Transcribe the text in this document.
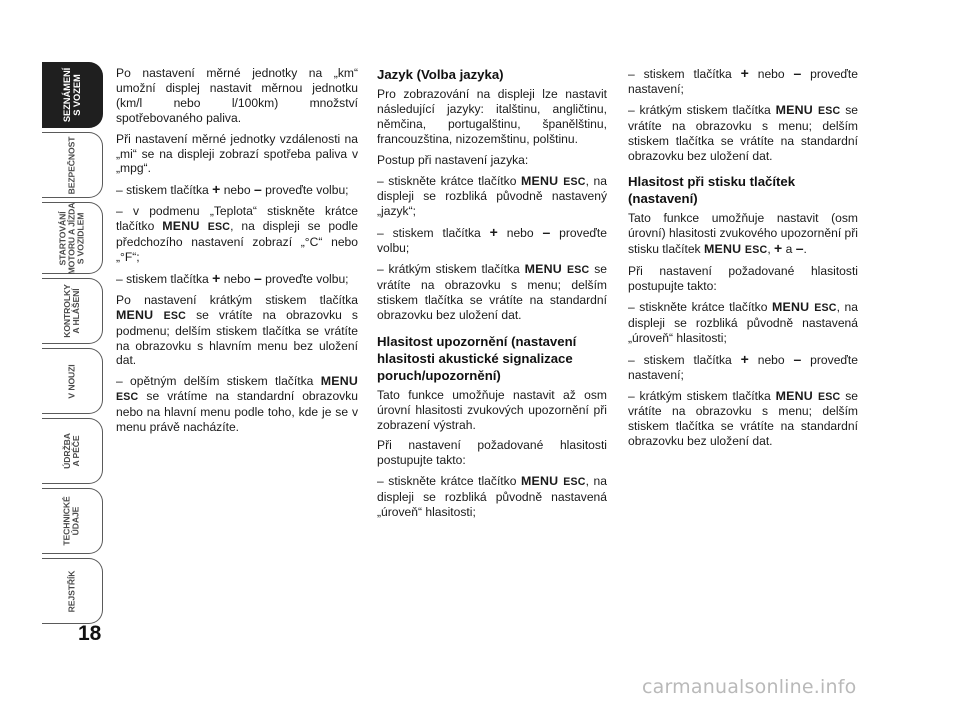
SEZNÁMENÍ
S VOZEM
BEZPEČNOST
STARTOVÁNÍ
MOTORU A JÍZDA
S VOZIDLEM
KONTROLKY
A HLÁŠENÍ
V NOUZI
ÚDRŽBA
A PÉČE
TECHNICKÉ
ÚDAJE
REJSTŘÍK
18

Po nastavení měrné jednotky na „km“ umožní displej nastavit měrnou jednotku (km/l nebo l/100km) množství spotřebovaného paliva.

Při nastavení měrné jednotky vzdálenosti na „mi“ se na displeji zobrazí spotřeba paliva v „mpg“.

– stiskem tlačítka + nebo – proveďte volbu;

– v podmenu „Teplota“ stiskněte krátce tlačítko MENU ESC, na displeji se podle předchozího nastavení zobrazí „°C“ nebo „°F“;

– stiskem tlačítka + nebo – proveďte volbu;

Po nastavení krátkým stiskem tlačítka MENU ESC se vrátíte na obrazovku s podmenu; delším stiskem tlačítka se vrátíte na obrazovku s hlavním menu bez uložení dat.

– opětným delším stiskem tlačítka MENU ESC se vrátíme na standardní obrazovku nebo na hlavní menu podle toho, kde je se v menu právě nacházíte.

Jazyk (Volba jazyka)

Pro zobrazování na displeji lze nastavit následující jazyky: italštinu, angličtinu, němčina, portugalštinu, španělštinu, francouzština, nizozemštinu, polštinu.

Postup při nastavení jazyka:

– stiskněte krátce tlačítko MENU ESC, na displeji se rozbliká původně nastavený „jazyk“;

– stiskem tlačítka + nebo – proveďte volbu;

– krátkým stiskem tlačítka MENU ESC se vrátíte na obrazovku s menu; delším stiskem tlačítka se vrátíte na standardní obrazovku bez uložení dat.

Hlasitost upozornění (nastavení hlasitosti akustické signalizace poruch/upozornění)

Tato funkce umožňuje nastavit až osm úrovní hlasitosti zvukových upozornění při zobrazení výstrah.

Při nastavení požadované hlasitosti postupujte takto:

– stiskněte krátce tlačítko MENU ESC, na displeji se rozbliká původně nastavená „úroveň“ hlasitosti;

– stiskem tlačítka + nebo – proveďte nastavení;

– krátkým stiskem tlačítka MENU ESC se vrátíte na obrazovku s menu; delším stiskem tlačítka se vrátíte na standardní obrazovku bez uložení dat.

Hlasitost při stisku tlačítek (nastavení)

Tato funkce umožňuje nastavit (osm úrovní) hlasitosti zvukového upozornění při stisku tlačítek MENU ESC, + a –.

Při nastavení požadované hlasitosti postupujte takto:

– stiskněte krátce tlačítko MENU ESC, na displeji se rozbliká původně nastavená „úroveň“ hlasitosti;

– stiskem tlačítka + nebo – proveďte nastavení;

– krátkým stiskem tlačítka MENU ESC se vrátíte na obrazovku s menu; delším stiskem tlačítka se vrátíte na standardní obrazovku bez uložení dat.

carmanualsonline.info
